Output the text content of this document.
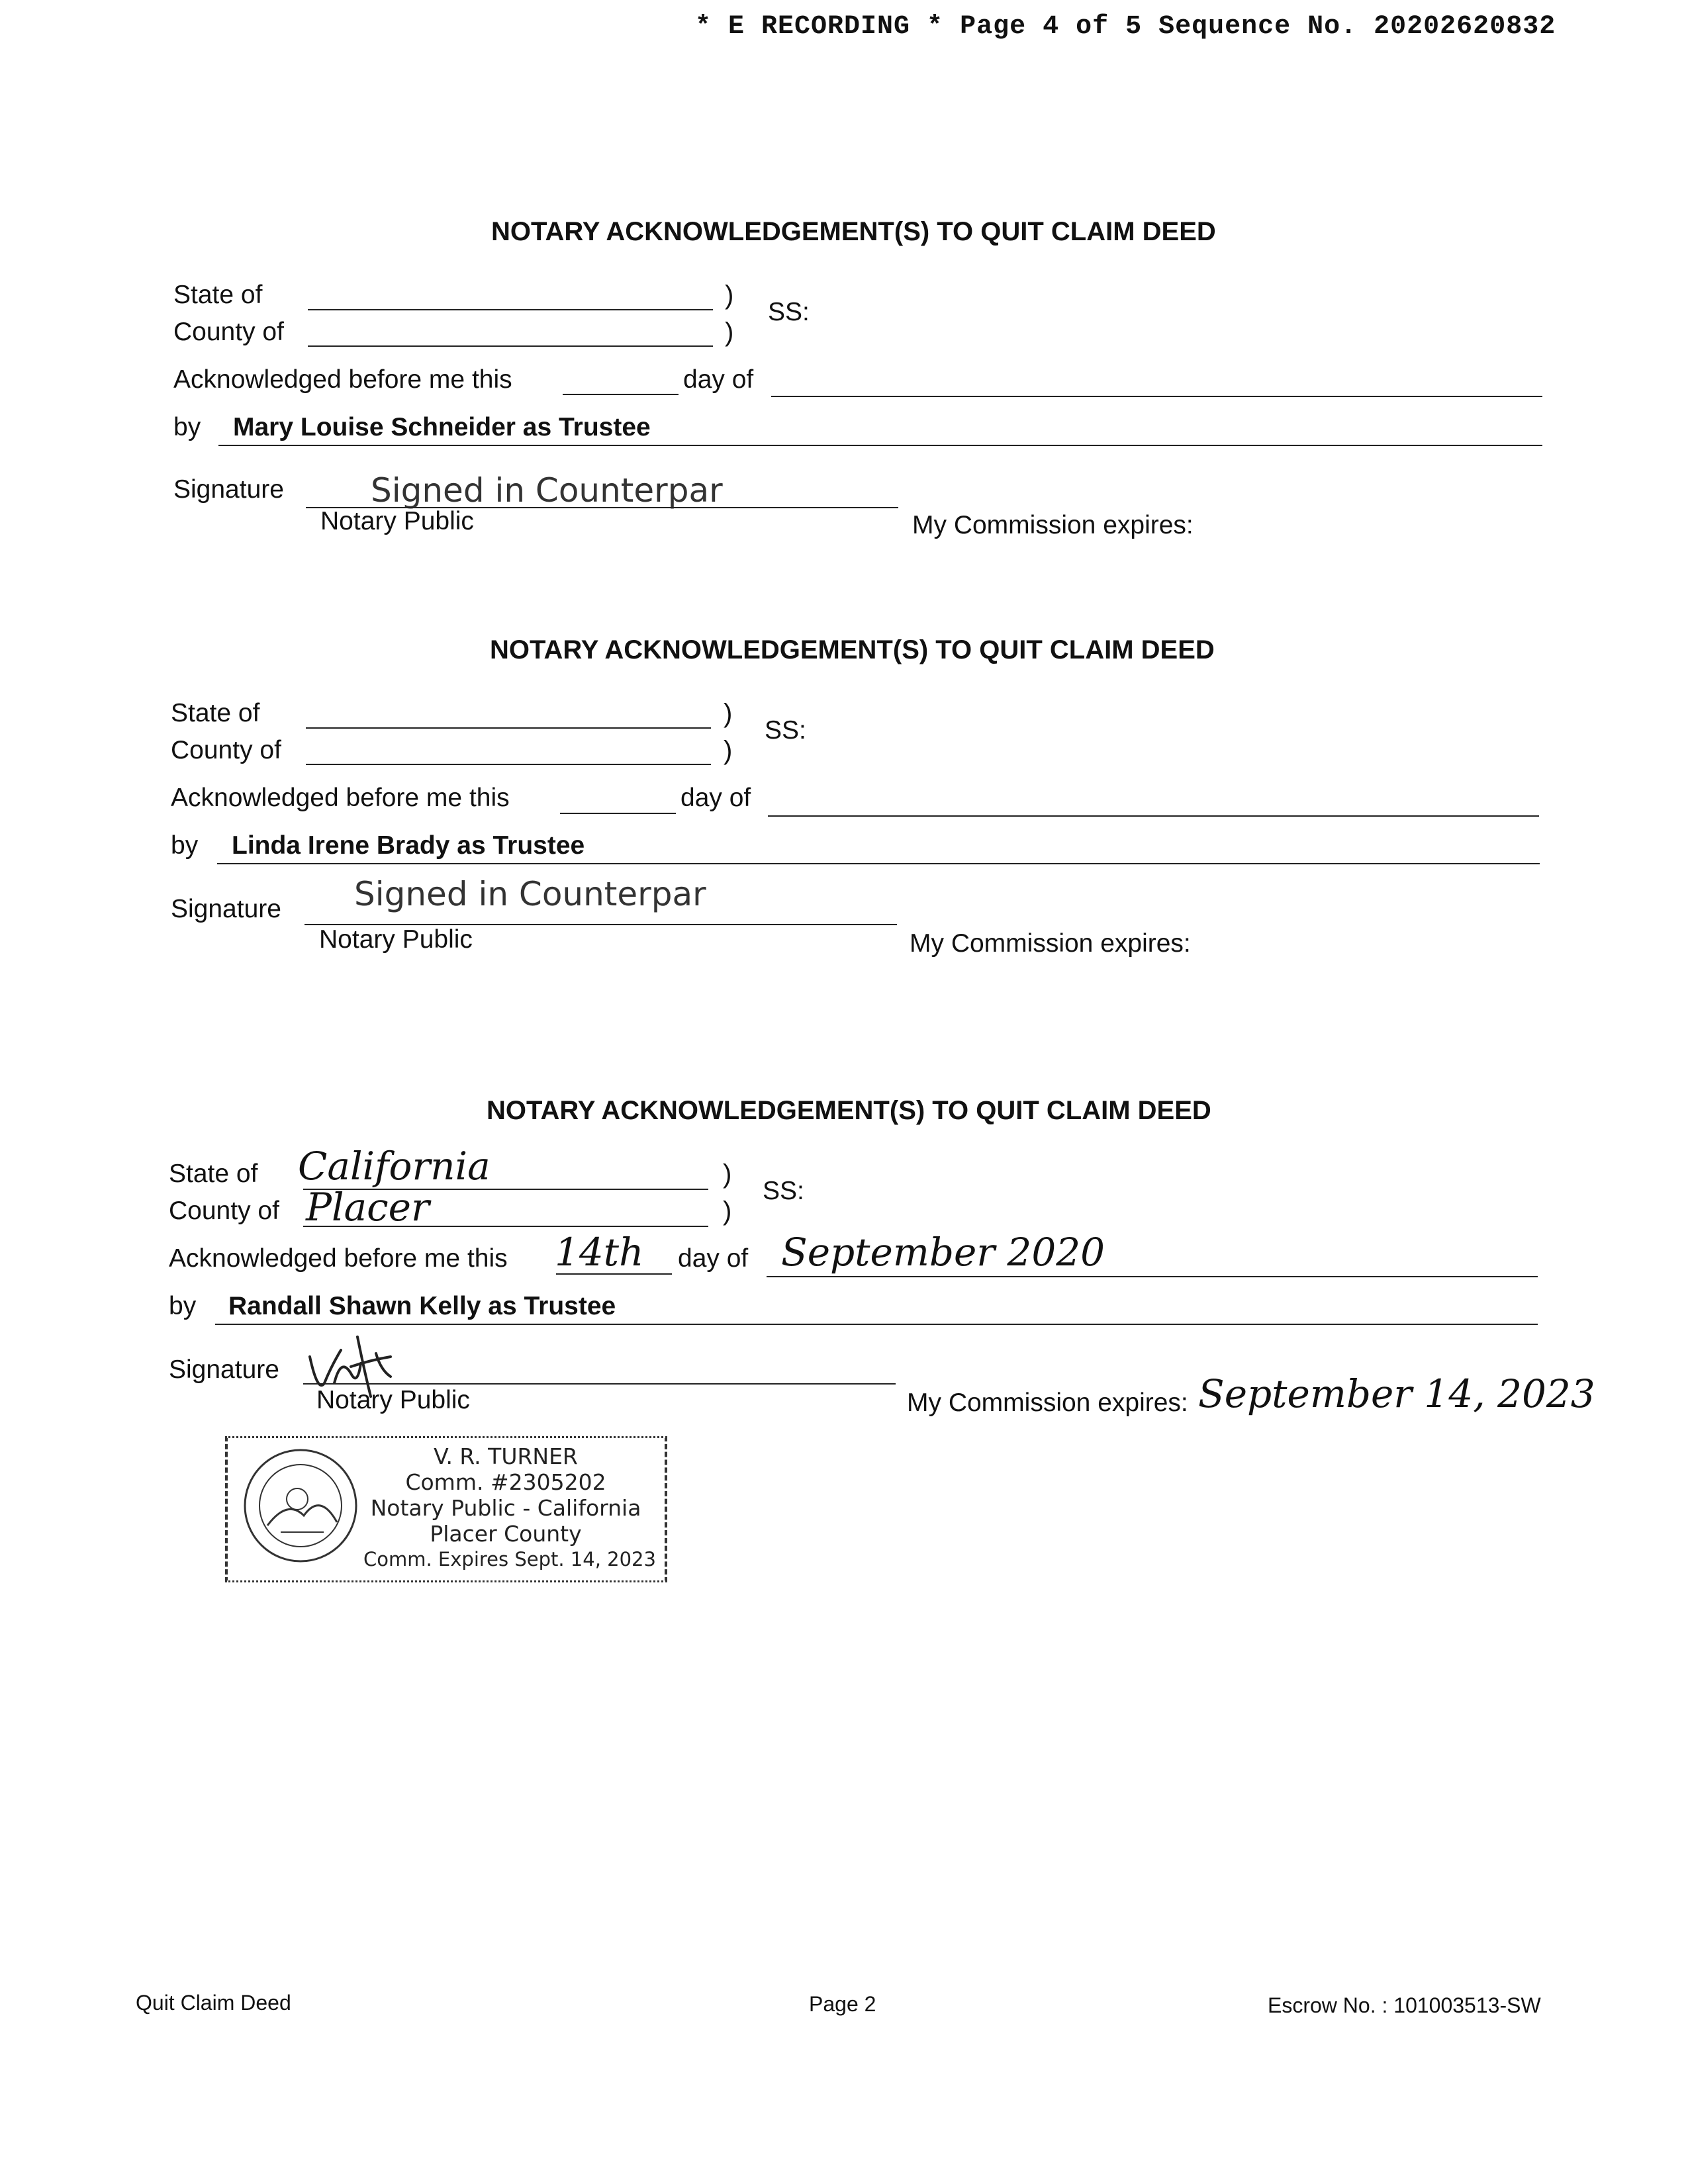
* E RECORDING * Page 4 of 5 Sequence No. 20202620832
NOTARY ACKNOWLEDGEMENT(S) TO QUIT CLAIM DEED
State of	)
County of	)
SS:
Acknowledged before me this	day of
by Mary Louise Schneider as Trustee
Signature	Signed in Counterpar
Notary Public	My Commission expires:
NOTARY ACKNOWLEDGEMENT(S) TO QUIT CLAIM DEED
State of	)
County of	)
SS:
Acknowledged before me this	day of
by Linda Irene Brady as Trustee
Signature Signed in Counterpar
Notary Public	My Commission expires:
NOTARY ACKNOWLEDGEMENT(S) TO QUIT CLAIM DEED
State of California	)
County of Placer	)
SS:
Acknowledged before me this 14th day of September 2020
by Randall Shawn Kelly as Trustee
Signature
Notary Public	My Commission expires: September 14, 2023
V. R. TURNER
Comm. #2305202
Notary Public - California
Placer County
Comm. Expires Sept. 14, 2023
Quit Claim Deed	Page 2	Escrow No. : 101003513-SW
